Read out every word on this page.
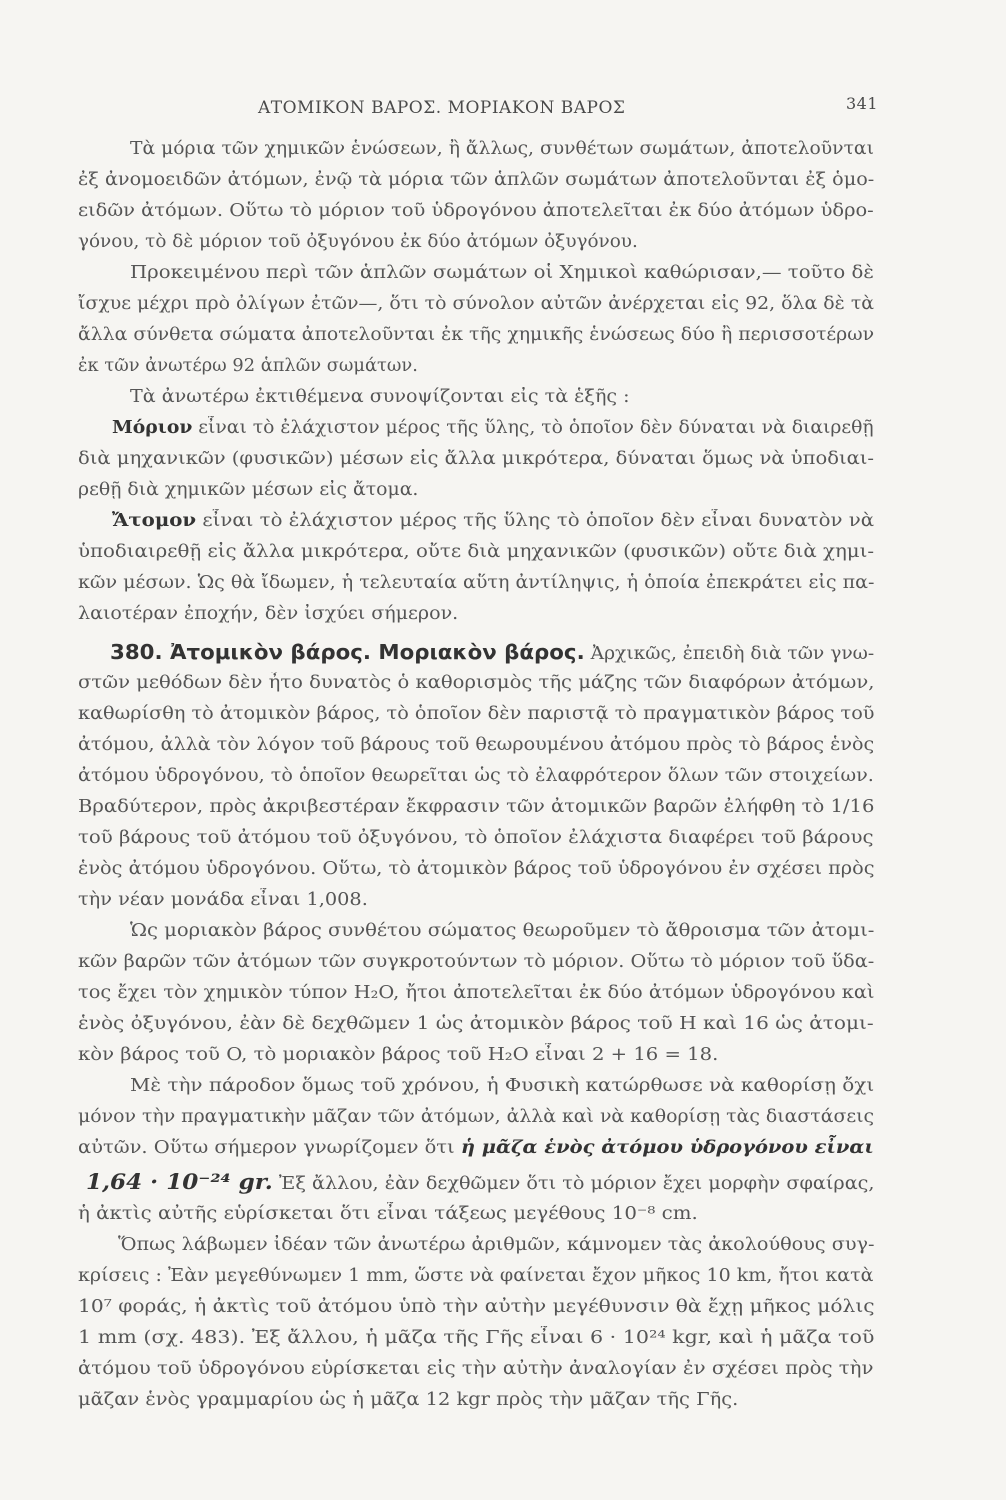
ΑΤΟΜΙΚΟΝ ΒΑΡΟΣ. ΜΟΡΙΑΚΟΝ ΒΑΡΟΣ	341
Τὰ μόρια τῶν χημικῶν ἑνώσεων, ἢ ἄλλως, συνθέτων σωμάτων, ἀποτελοῦνται
ἐξ ἀνομοειδῶν ἀτόμων, ἐνῷ τὰ μόρια τῶν ἁπλῶν σωμάτων ἀποτελοῦνται ἐξ ὁμο-
ειδῶν ἀτόμων. Οὕτω τὸ μόριον τοῦ ὑδρογόνου ἀποτελεῖται ἐκ δύο ἀτόμων ὑδρο-
γόνου, τὸ δὲ μόριον τοῦ ὀξυγόνου ἐκ δύο ἀτόμων ὀξυγόνου.
Προκειμένου περὶ τῶν ἁπλῶν σωμάτων οἱ Χημικοὶ καθώρισαν,— τοῦτο δὲ
ἴσχυε μέχρι πρὸ ὀλίγων ἐτῶν—, ὅτι τὸ σύνολον αὐτῶν ἀνέρχεται εἰς 92, ὅλα δὲ τὰ
ἄλλα σύνθετα σώματα ἀποτελοῦνται ἐκ τῆς χημικῆς ἑνώσεως δύο ἢ περισσοτέρων
ἐκ τῶν ἀνωτέρω 92 ἁπλῶν σωμάτων.
Τὰ ἀνωτέρω ἐκτιθέμενα συνοψίζονται εἰς τὰ ἑξῆς :
Μόριον εἶναι τὸ ἐλάχιστον μέρος τῆς ὕλης, τὸ ὁποῖον δὲν δύναται νὰ διαιρεθῇ
διὰ μηχανικῶν (φυσικῶν) μέσων εἰς ἄλλα μικρότερα, δύναται ὅμως νὰ ὑποδιαι-
ρεθῇ διὰ χημικῶν μέσων εἰς ἄτομα.
Ἄτομον εἶναι τὸ ἐλάχιστον μέρος τῆς ὕλης τὸ ὁποῖον δὲν εἶναι δυνατὸν νὰ
ὑποδιαιρεθῇ εἰς ἄλλα μικρότερα, οὔτε διὰ μηχανικῶν (φυσικῶν) οὔτε διὰ χημι-
κῶν μέσων. Ὡς θὰ ἴδωμεν, ἡ τελευταία αὕτη ἀντίληψις, ἡ ὁποία ἐπεκράτει εἰς πα-
λαιοτέραν ἐποχήν, δὲν ἰσχύει σήμερον.
380. Ἀτομικὸν βάρος. Μοριακὸν βάρος. Ἀρχικῶς, ἐπειδὴ διὰ τῶν γνω-
στῶν μεθόδων δὲν ἦτο δυνατὸς ὁ καθορισμὸς τῆς μάζης τῶν διαφόρων ἀτόμων,
καθωρίσθη τὸ ἀτομικὸν βάρος, τὸ ὁποῖον δὲν παριστᾷ τὸ πραγματικὸν βάρος τοῦ
ἀτόμου, ἀλλὰ τὸν λόγον τοῦ βάρους τοῦ θεωρουμένου ἀτόμου πρὸς τὸ βάρος ἑνὸς
ἀτόμου ὑδρογόνου, τὸ ὁποῖον θεωρεῖται ὡς τὸ ἐλαφρότερον ὅλων τῶν στοιχείων.
Βραδύτερον, πρὸς ἀκριβεστέραν ἔκφρασιν τῶν ἀτομικῶν βαρῶν ἐλήφθη τὸ 1/16
τοῦ βάρους τοῦ ἀτόμου τοῦ ὀξυγόνου, τὸ ὁποῖον ἐλάχιστα διαφέρει τοῦ βάρους
ἑνὸς ἀτόμου ὑδρογόνου. Οὕτω, τὸ ἀτομικὸν βάρος τοῦ ὑδρογόνου ἐν σχέσει πρὸς
τὴν νέαν μονάδα εἶναι 1,008.
Ὡς μοριακὸν βάρος συνθέτου σώματος θεωροῦμεν τὸ ἄθροισμα τῶν ἀτομι-
κῶν βαρῶν τῶν ἀτόμων τῶν συγκροτούντων τὸ μόριον. Οὕτω τὸ μόριον τοῦ ὕδα-
τος ἔχει τὸν χημικὸν τύπον H₂O, ἤτοι ἀποτελεῖται ἐκ δύο ἀτόμων ὑδρογόνου καὶ
ἑνὸς ὀξυγόνου, ἐὰν δὲ δεχθῶμεν 1 ὡς ἀτομικὸν βάρος τοῦ H καὶ 16 ὡς ἀτομι-
κὸν βάρος τοῦ O, τὸ μοριακὸν βάρος τοῦ H₂O εἶναι 2 + 16 = 18.
Μὲ τὴν πάροδον ὅμως τοῦ χρόνου, ἡ Φυσικὴ κατώρθωσε νὰ καθορίσῃ ὄχι
μόνον τὴν πραγματικὴν μᾶζαν τῶν ἀτόμων, ἀλλὰ καὶ νὰ καθορίσῃ τὰς διαστάσεις
αὐτῶν. Οὕτω σήμερον γνωρίζομεν ὅτι ἡ μᾶζα ἑνὸς ἀτόμου ὑδρογόνου εἶναι
1,64 · 10⁻²⁴ gr. Ἐξ ἄλλου, ἐὰν δεχθῶμεν ὅτι τὸ μόριον ἔχει μορφὴν σφαίρας,
ἡ ἀκτὶς αὐτῆς εὑρίσκεται ὅτι εἶναι τάξεως μεγέθους 10⁻⁸ cm.
Ὅπως λάβωμεν ἰδέαν τῶν ἀνωτέρω ἀριθμῶν, κάμνομεν τὰς ἀκολούθους συγ-
κρίσεις : Ἐὰν μεγεθύνωμεν 1 mm, ὥστε νὰ φαίνεται ἔχον μῆκος 10 km, ἤτοι κατὰ
10⁷ φοράς, ἡ ἀκτὶς τοῦ ἀτόμου ὑπὸ τὴν αὐτὴν μεγέθυνσιν θὰ ἔχῃ μῆκος μόλις
1 mm (σχ. 483). Ἐξ ἄλλου, ἡ μᾶζα τῆς Γῆς εἶναι 6 · 10²⁴ kgr, καὶ ἡ μᾶζα τοῦ
ἀτόμου τοῦ ὑδρογόνου εὑρίσκεται εἰς τὴν αὐτὴν ἀναλογίαν ἐν σχέσει πρὸς τὴν
μᾶζαν ἑνὸς γραμμαρίου ὡς ἡ μᾶζα 12 kgr πρὸς τὴν μᾶζαν τῆς Γῆς.
